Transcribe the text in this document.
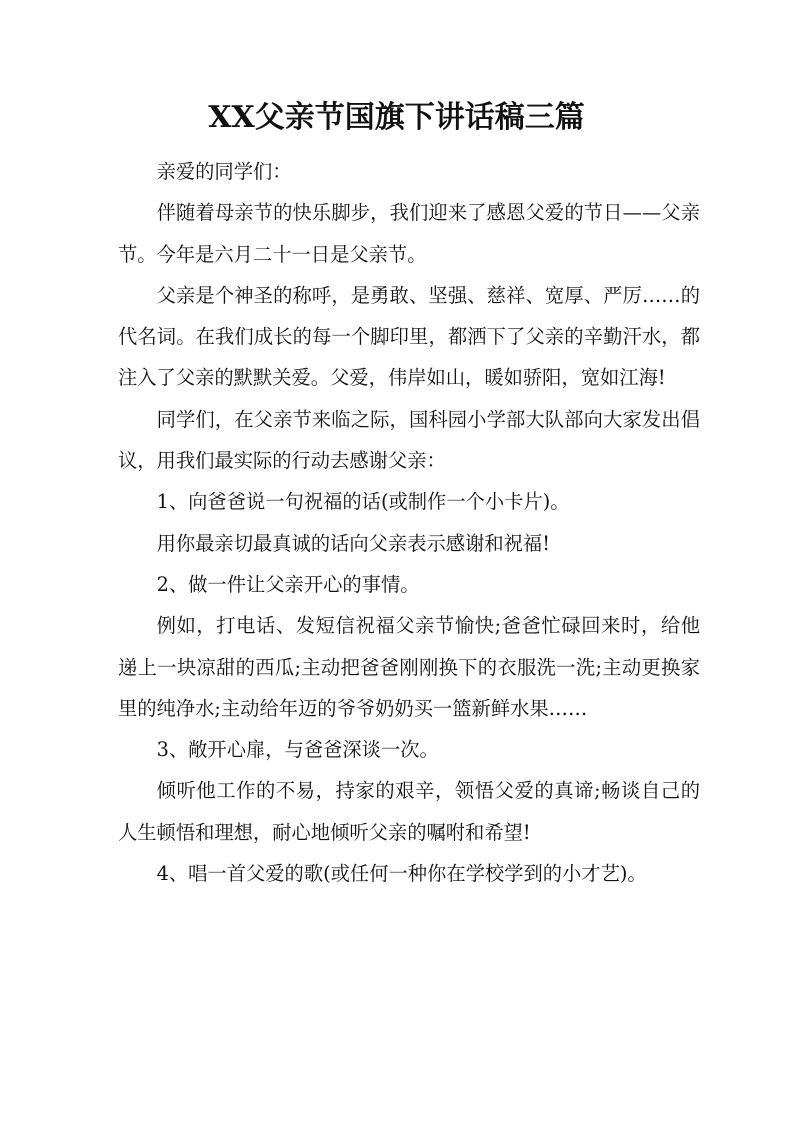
XX父亲节国旗下讲话稿三篇

亲爱的同学们：

伴随着母亲节的快乐脚步，我们迎来了感恩父爱的节日——父亲节。今年是六月二十一日是父亲节。

父亲是个神圣的称呼，是勇敢、坚强、慈祥、宽厚、严厉……的代名词。在我们成长的每一个脚印里，都洒下了父亲的辛勤汗水，都注入了父亲的默默关爱。父爱，伟岸如山，暖如骄阳，宽如江海!

同学们，在父亲节来临之际，国科园小学部大队部向大家发出倡议，用我们最实际的行动去感谢父亲：

1、向爸爸说一句祝福的话(或制作一个小卡片)。

用你最亲切最真诚的话向父亲表示感谢和祝福!

2、做一件让父亲开心的事情。

例如，打电话、发短信祝福父亲节愉快;爸爸忙碌回来时，给他递上一块凉甜的西瓜;主动把爸爸刚刚换下的衣服洗一洗;主动更换家里的纯净水;主动给年迈的爷爷奶奶买一篮新鲜水果……

3、敞开心扉，与爸爸深谈一次。

倾听他工作的不易，持家的艰辛，领悟父爱的真谛;畅谈自己的人生顿悟和理想，耐心地倾听父亲的嘱咐和希望!

4、唱一首父爱的歌(或任何一种你在学校学到的小才艺)。
